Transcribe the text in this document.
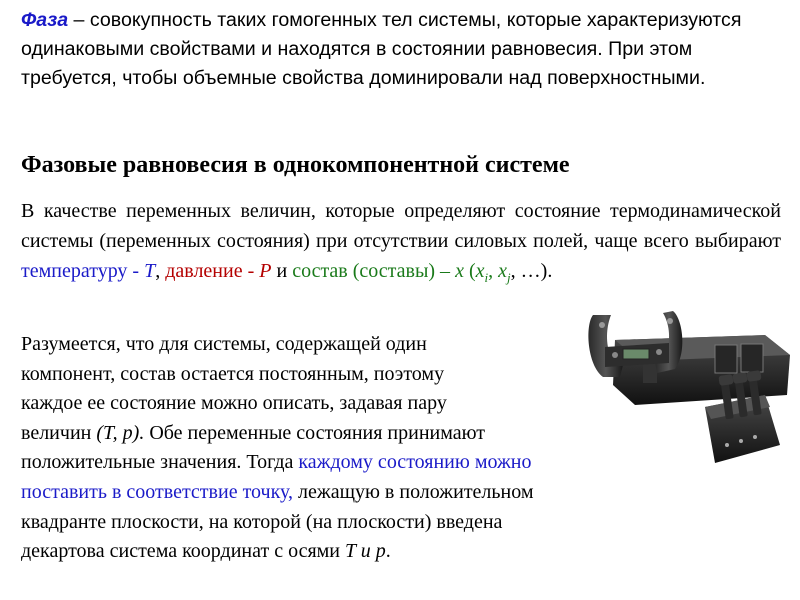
Фаза – совокупность таких гомогенных тел системы, которые характеризуются одинаковыми свойствами и находятся в состоянии равновесия. При этом требуется, чтобы объемные свойства доминировали над поверхностными.
Фазовые равновесия в однокомпонентной системе
В качестве переменных величин, которые определяют состояние термодинамической системы (переменных состояния) при отсутствии силовых полей, чаще всего выбирают температуру - T, давление - P и состав (составы) – x ($x_i$, $x_j$, …).
Разумеется, что для системы, содержащей один
компонент, состав остается постоянным, поэтому
каждое ее состояние можно описать, задавая пару
величин (T, p). Обе переменные состояния принимают
положительные значения. Тогда каждому состоянию можно
поставить в соответствие точку, лежащую в положительном
квадранте плоскости, на которой (на плоскости) введена
декартова система координат с осями T и p.
